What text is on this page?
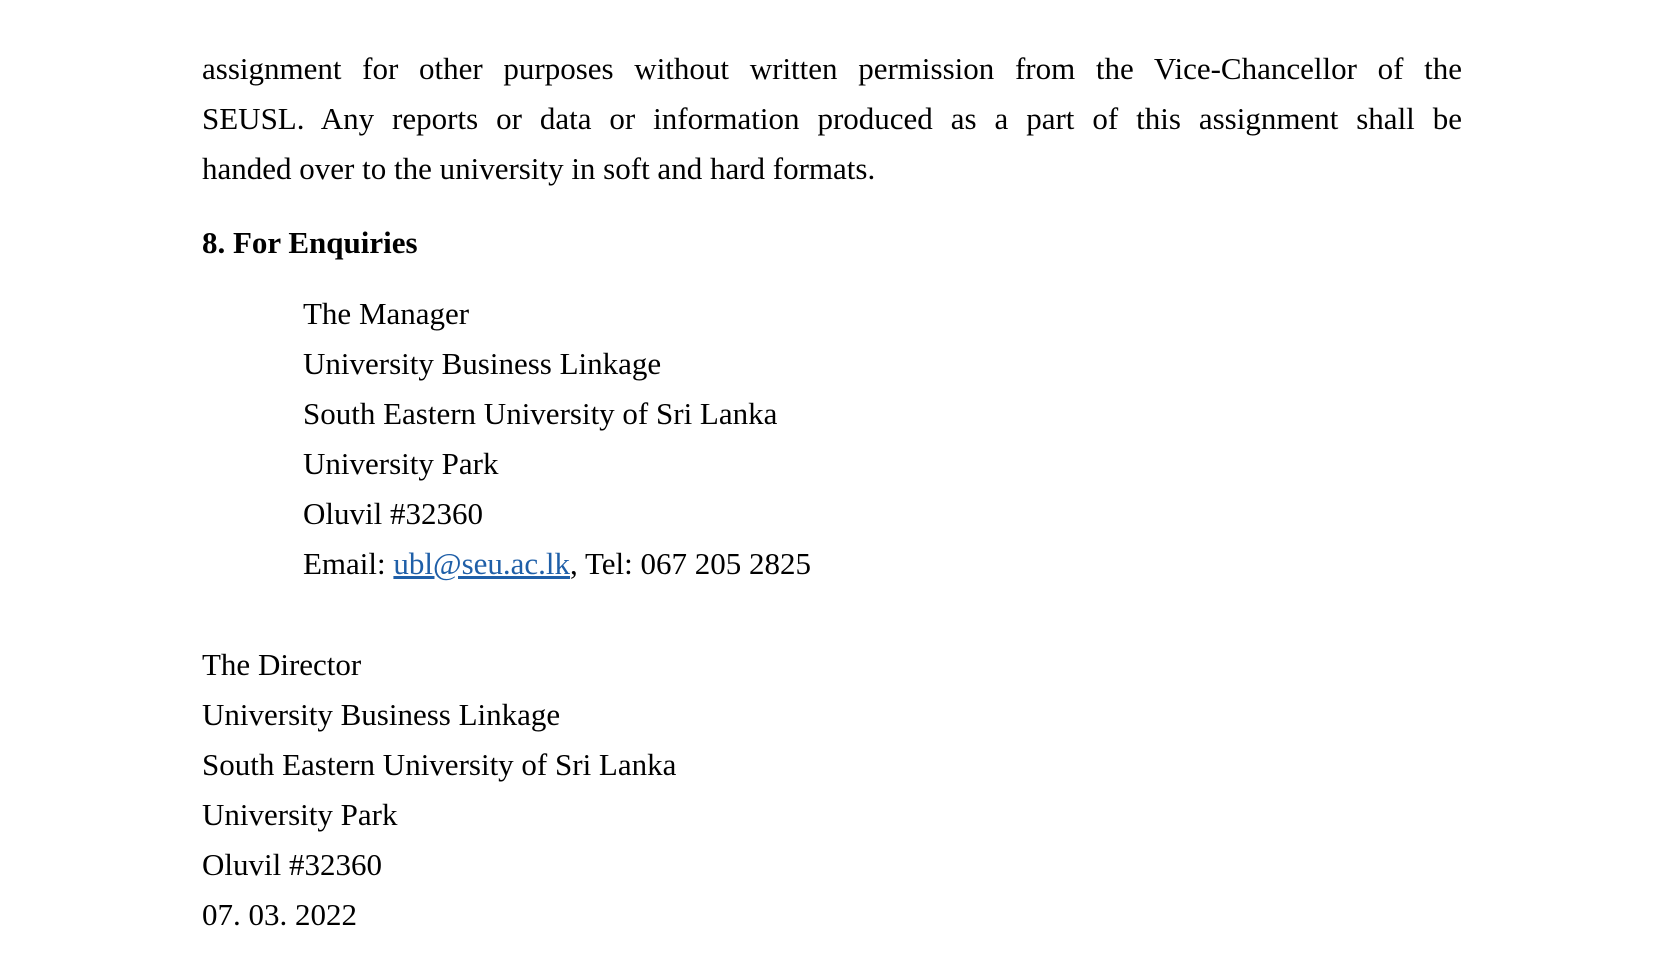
assignment for other purposes without written permission from the Vice-Chancellor of the
SEUSL. Any reports or data or information produced as a part of this assignment shall be
handed over to the university in soft and hard formats.

8. For Enquiries
The Manager
University Business Linkage
South Eastern University of Sri Lanka
University Park
Oluvil #32360
Email: ubl@seu.ac.lk, Tel: 067 205 2825
The Director
University Business Linkage
South Eastern University of Sri Lanka
University Park
Oluvil #32360
07. 03. 2022
